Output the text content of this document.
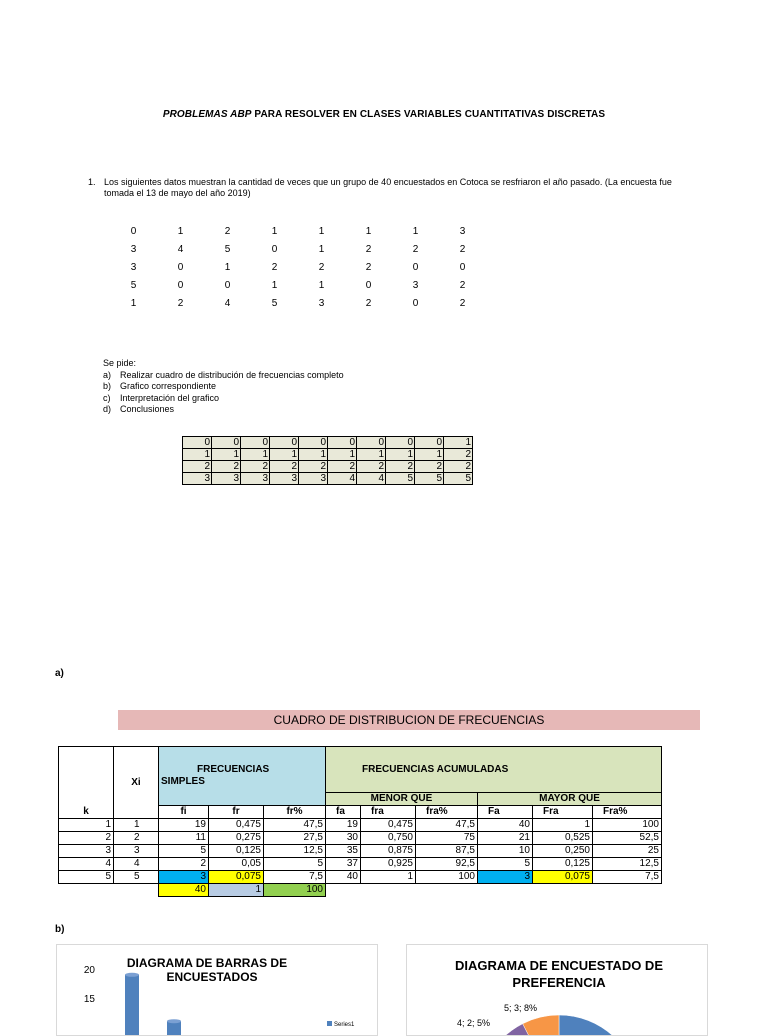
PROBLEMAS ABP PARA RESOLVER EN CLASES VARIABLES CUANTITATIVAS DISCRETAS
1. Los siguientes datos muestran la cantidad de veces que un grupo de 40 encuestados en Cotoca se resfriaron el año pasado. (La encuesta fue tomada el 13 de mayo del año 2019)
0	1	2	1	1	1	1	3
3	4	5	0	1	2	2	2
3	0	1	2	2	2	0	0
5	0	0	1	1	0	3	2
1	2	4	5	3	2	0	2
Se pide:
a) Realizar cuadro de distribución de frecuencias completo
b) Grafico correspondiente
c) Interpretación del grafico
d) Conclusiones
0	0	0	0	0	0	0	0	0	1
1	1	1	1	1	1	1	1	1	2
2	2	2	2	2	2	2	2	2	2
3	3	3	3	3	4	4	5	5	5
a)
CUADRO DE DISTRIBUCION DE FRECUENCIAS
k	Xi	FRECUENCIAS
SIMPLES			FRECUENCIAS ACUMULADAS					
					MENOR QUE			MAYOR QUE		
		fi	fr	fr%	fa	fra	fra%	Fa	Fra	Fra%
1	1	19	0,475	47,5	19	0,475	47,5	40	1	100
2	2	11	0,275	27,5	30	0,750	75	21	0,525	52,5
3	3	5	0,125	12,5	35	0,875	87,5	10	0,250	25
4	4	2	0,05	5	37	0,925	92,5	5	0,125	12,5
5	5	3	0,075	7,5	40	1	100	3	0,075	7,5
		40	1	100						
b)
DIAGRAMA DE BARRAS DE
ENCUESTADOS
20
15
Series1
DIAGRAMA DE ENCUESTADO DE
PREFERENCIA
5; 3; 8%
4; 2; 5%
